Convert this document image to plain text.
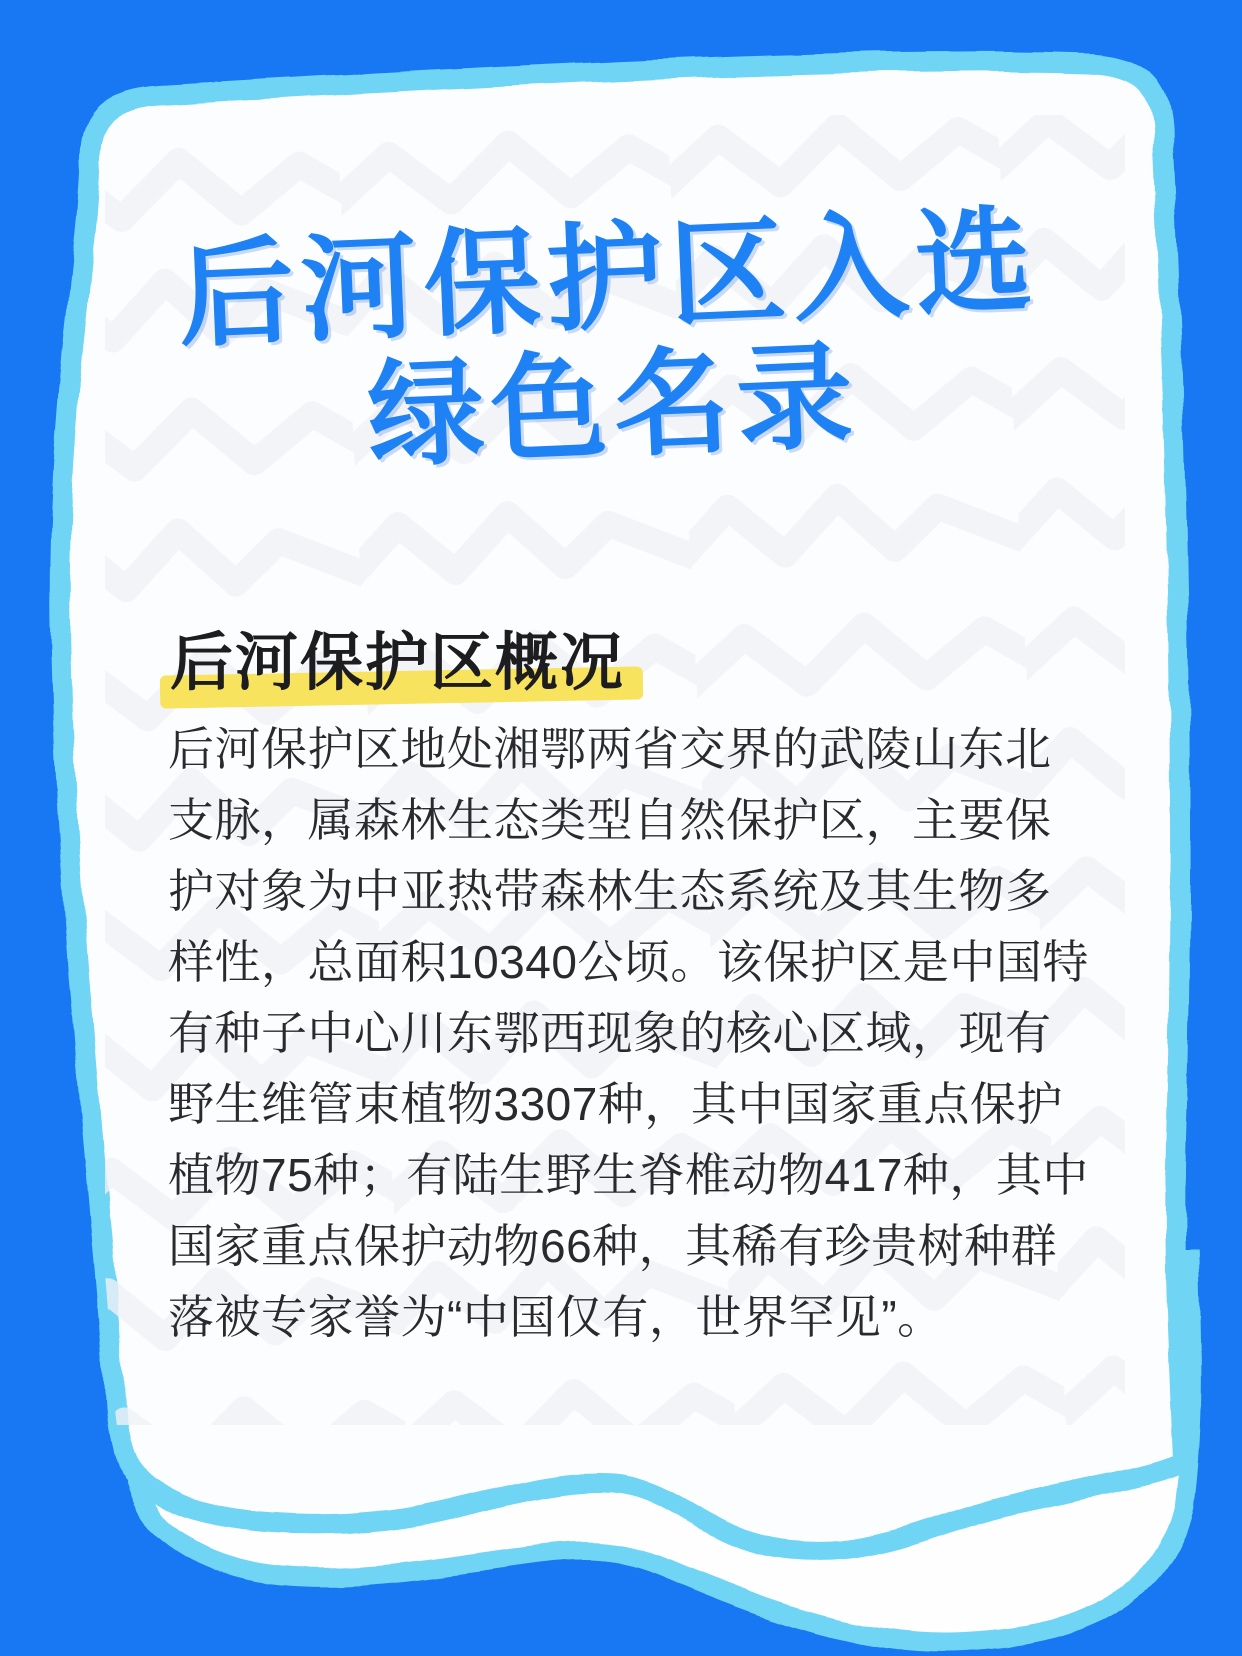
后河保护区入选
绿色名录
后河保护区概况
后河保护区地处湘鄂两省交界的武陵山东北支脉，属森林生态类型自然保护区，主要保护对象为中亚热带森林生态系统及其生物多样性，总面积10340公顷。该保护区是中国特有种子中心川东鄂西现象的核心区域，现有野生维管束植物3307种，其中国家重点保护植物75种；有陆生野生脊椎动物417种，其中国家重点保护动物66种，其稀有珍贵树种群落被专家誉为“中国仅有，世界罕见”。
